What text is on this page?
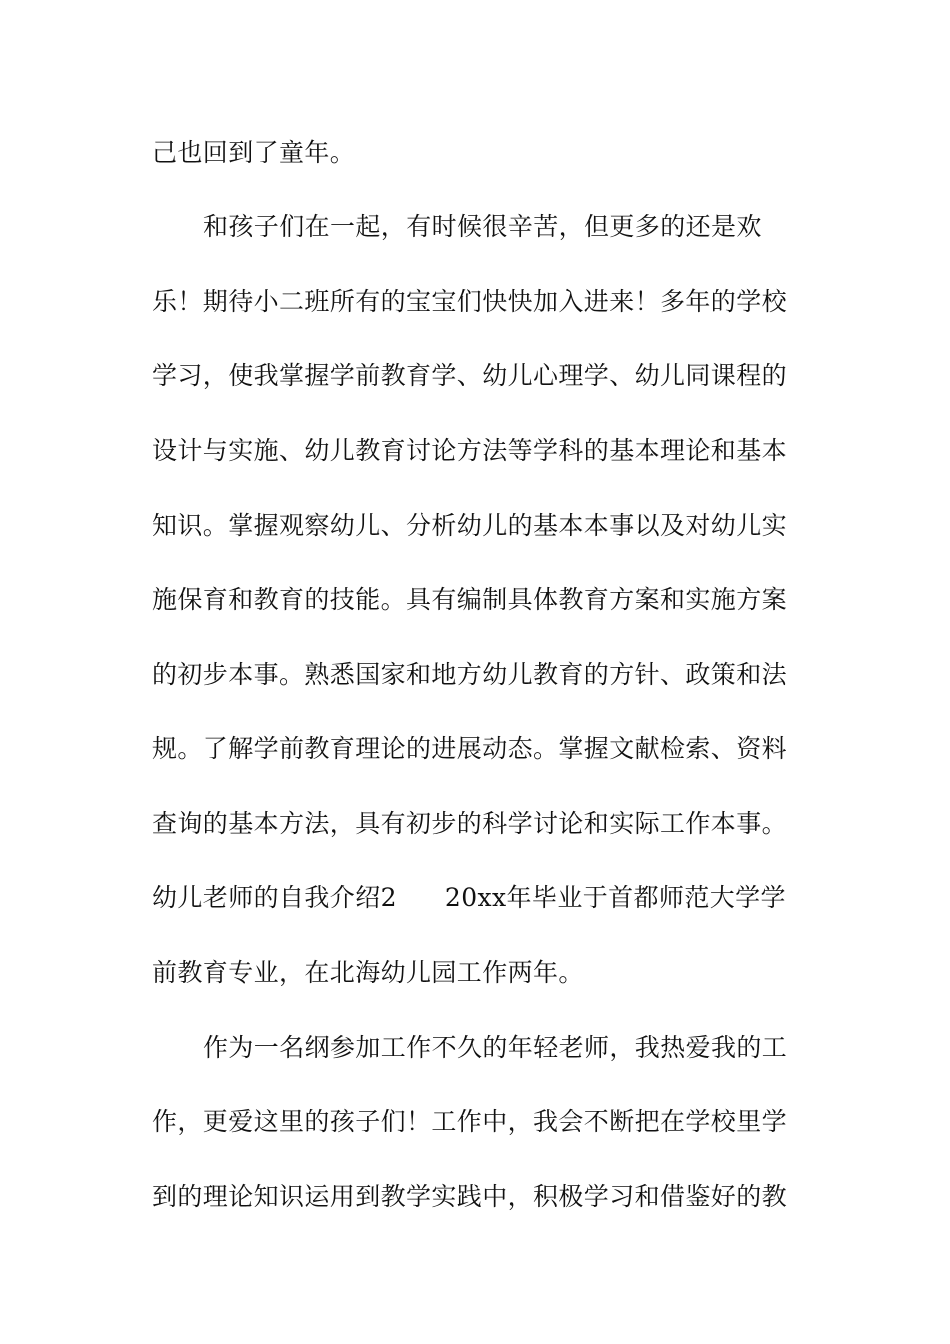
己也回到了童年。
和孩子们在一起，有时候很辛苦，但更多的还是欢
乐！期待小二班所有的宝宝们快快加入进来！多年的学校
学习，使我掌握学前教育学、幼儿心理学、幼儿同课程的
设计与实施、幼儿教育讨论方法等学科的基本理论和基本
知识。掌握观察幼儿、分析幼儿的基本本事以及对幼儿实
施保育和教育的技能。具有编制具体教育方案和实施方案
的初步本事。熟悉国家和地方幼儿教育的方针、政策和法
规。了解学前教育理论的进展动态。掌握文献检索、资料
查询的基本方法，具有初步的科学讨论和实际工作本事。
幼儿老师的自我介绍2 20xx年毕业于首都师范大学学
前教育专业，在北海幼儿园工作两年。
作为一名纲参加工作不久的年轻老师，我热爱我的工
作，更爱这里的孩子们！工作中，我会不断把在学校里学
到的理论知识运用到教学实践中，积极学习和借鉴好的教
